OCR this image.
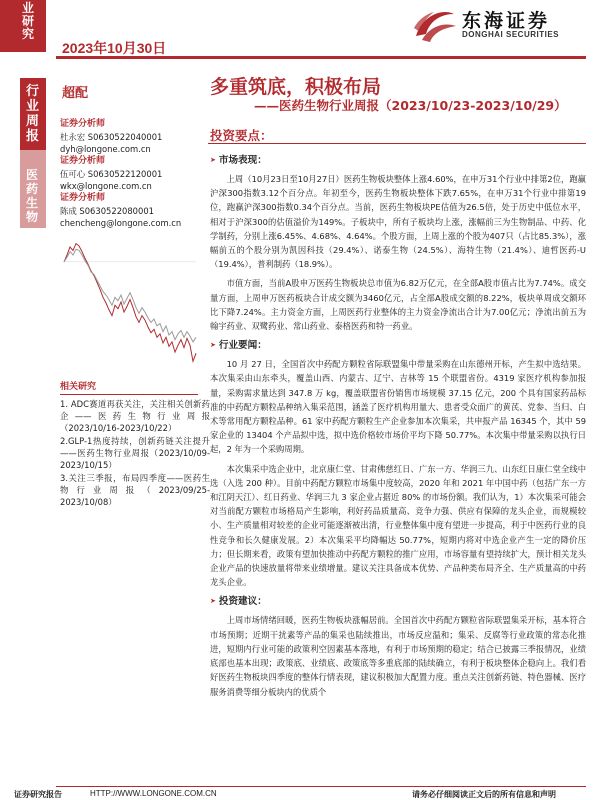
业研究
行业周报
医药生物
2023年10月30日
东海证券
DONGHAI SECURITIES
超配	多重筑底，积极布局
——医药生物行业周报（2023/10/23-2023/10/29）
证券分析师
杜永宏 S0630522040001
dyh@longone.com.cn
证券分析师
伍可心 S0630522120001
wkx@longone.com.cn
证券分析师
陈成 S0630522080001
chencheng@longone.com.cn
相关研究
1. ADC赛道再获关注，关注相关创新药企——医药生物行业周报（2023/10/16-2023/10/22）
2.GLP-1热度持续，创新药链关注提升——医药生物行业周报（2023/10/09-2023/10/15）
3.关注三季报，布局四季度——医药生物行业周报（2023/09/25-2023/10/08）
投资要点：
➤ 市场表现：

上周（10月23日至10月27日）医药生物板块整体上涨4.60%，在申万31个行业中排第2位，跑赢沪深300指数3.12个百分点。年初至今，医药生物板块整体下跌7.65%，在申万31个行业中排第19位，跑赢沪深300指数0.34个百分点。当前，医药生物板块PE估值为26.5倍，处于历史中低位水平，相对于沪深300的估值溢价为149%。子板块中，所有子板块均上涨，涨幅前三为生物制品、中药、化学制药，分别上涨6.45%、4.68%、4.64%。个股方面，上周上涨的个股为407只（占比85.3%），涨幅前五的个股分别为凯因科技（29.4%）、诺泰生物（24.5%）、海特生物（21.4%）、迪哲医药-U（19.4%），普利制药（18.9%）。

市值方面，当前A股申万医药生物板块总市值为6.82万亿元，在全部A股市值占比为7.74%。成交量方面，上周申万医药板块合计成交额为3460亿元，占全部A股成交额的8.22%，板块单周成交额环比下降7.24%。主力资金方面，上周医药行业整体的主力资金净流出合计为7.00亿元；净流出前五为翰宇药业、双鹭药业、常山药业、泰格医药和特一药业。

➤ 行业要闻：

10 月 27 日，全国首次中药配方颗粒省际联盟集中带量采购在山东德州开标，产生拟中选结果。本次集采由山东牵头，覆盖山西、内蒙古、辽宁、吉林等 15 个联盟省份。4319 家医疗机构参加报量，采购需求量达到 347.8 万 kg，覆盖联盟省份销售市场规模 37.15 亿元，200 个具有国家药品标准的中药配方颗粒品种纳入集采范围，涵盖了医疗机构用量大、患者受众面广的黄芪、党参、当归、白术等常用配方颗粒品种。61 家中药配方颗粒生产企业参加本次集采，共申报产品 16345 个，其中 59 家企业的 13404 个产品拟中选，拟中选价格较市场价平均下降 50.77%。本次集中带量采购以执行日起，2 年为一个采购周期。

本次集采中选企业中，北京康仁堂、甘肃佛慈红日、广东一方、华润三九、山东红日康仁堂全线中选（入选 200 种）。目前中药配方颗粒市场集中度较高，2020 年和 2021 年中国中药（包括广东一方和江阴天江）、红日药业、华润三九 3 家企业占据近 80% 的市场份额。我们认为，1）本次集采可能会对当前配方颗粒市场格局产生影响，利好药品质量高、竞争力强、供应有保障的龙头企业，而规模较小、生产质量相对较差的企业可能逐渐被出清，行业整体集中度有望进一步提高，利于中医药行业的良性竞争和长久健康发展。2）本次集采平均降幅达 50.77%，短期内将对中选企业产生一定的降价压力；但长期来看，政策有望加快推动中药配方颗粒的推广应用，市场容量有望持续扩大，预计相关龙头企业产品的快速放量将带来业绩增量。建议关注具备成本优势、产品种类布局齐全、生产质量高的中药龙头企业。

➤ 投资建议：

上周市场情绪回暖，医药生物板块涨幅居前。全国首次中药配方颗粒省际联盟集采开标，基本符合市场预期；近期干扰素等产品的集采也陆续推出，市场反应温和；集采、反腐等行业政策的常态化推进，短期内行业可能的政策利空因素基本落地，有利于市场预期的稳定；结合已披露三季报情况，业绩底部也基本出现；政策底、业绩底、政策底等多重底部的陆续确立，有利于板块整体企稳向上。我们看好医药生物板块四季度的整体行情表现，建议积极加大配置力度。重点关注创新药链、特色器械、医疗服务消费等细分板块内的优质个

证券研究报告	HTTP://WWW.LONGONE.COM.CN	请务必仔细阅读正文后的所有信息和声明
